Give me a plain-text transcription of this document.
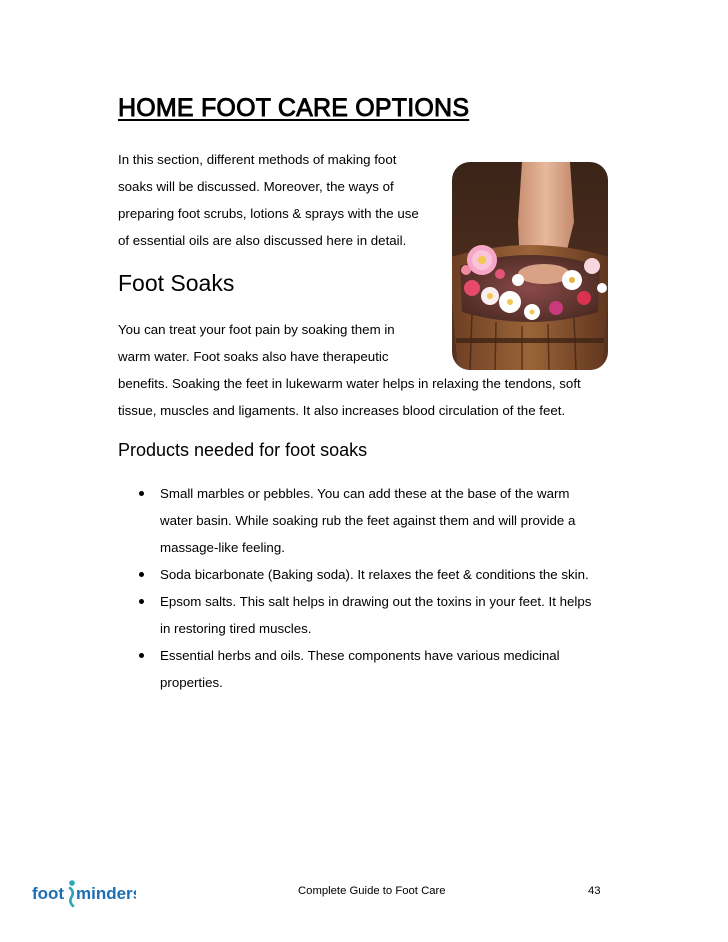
HOME FOOT CARE OPTIONS
In this section, different methods of making foot
soaks will be discussed. Moreover, the ways of
preparing foot scrubs, lotions & sprays with the use
of essential oils are also discussed here in detail.
Foot Soaks
You can treat your foot pain by soaking them in
warm water. Foot soaks also have therapeutic
benefits. Soaking the feet in lukewarm water helps in relaxing the tendons, soft
tissue, muscles and ligaments. It also increases blood circulation of the feet.
Products needed for foot soaks
Small marbles or pebbles. You can add these at the base of the warm
water basin. While soaking rub the feet against them and will provide a
massage-like feeling.
Soda bicarbonate (Baking soda). It relaxes the feet & conditions the skin.
Epsom salts. This salt helps in drawing out the toxins in your feet. It helps
in restoring tired muscles.
Essential herbs and oils. These components have various medicinal
properties.
foot minders	Complete Guide to Foot Care	43
